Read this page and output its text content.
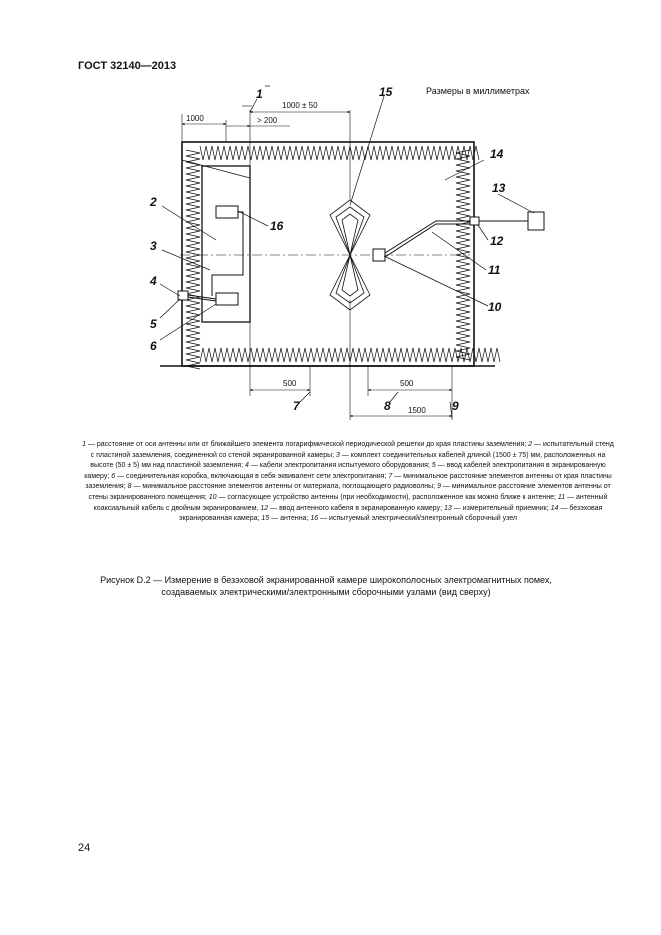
ГОСТ 32140—2013
Размеры в миллиметрах
1000
1000 ± 50
> 200
500	500
1500
1	15
14
13
12
11
10
16
2
3
4
5
6
7	8	9
1 — расстояние от оси антенны или от ближайшего элемента логарифмической периодической решетки до края пластины заземления; 2 — испытательный стенд с пластиной заземления, соединенной со стеной экранированной камеры; 3 — комплект соединительных кабелей длиной (1500 ± 75) мм, расположенных на высоте (50 ± 5) мм над пластиной заземления; 4 — кабели электропитания испытуемого оборудования; 5 — ввод кабелей электропитания в экранированную камеру; 6 — соединительная коробка, включающая в себя эквивалент сети электропитания; 7 — минимальное расстояние элементов антенны от края пластины заземления; 8 — минимальное расстояние элементов антенны от материала, поглощающего радиоволны; 9 — минимальное расстояние элементов антенны от стены экранированного помещения; 10 — согласующее устройство антенны (при необходимости), расположенное как можно ближе к антенне; 11 — антенный коаксиальный кабель с двойным экранированием, 12 — ввод антенного кабеля в экранированную камеру; 13 — измерительный приемник; 14 — безэховая экранированная камера; 15 — антенна; 16 — испытуемый электрический/электронный сборочный узел
Рисунок D.2 — Измерение в безэховой экранированной камере широкополосных электромагнитных помех,
создаваемых электрическими/электронными сборочными узлами (вид сверху)
24
